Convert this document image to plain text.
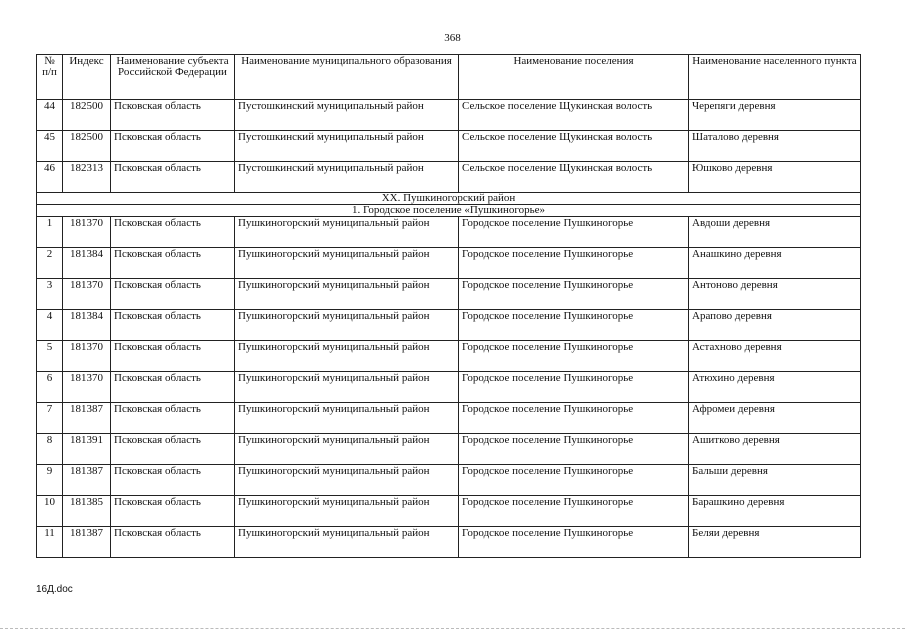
368
№ п/п	Индекс	Наименование субъекта Российской Федерации	Наименование муниципального образования	Наименование поселения	Наименование населенного пункта
44	182500	Псковская область	Пустошкинский муниципальный район	Сельское поселение Щукинская волость	Черепяги деревня
45	182500	Псковская область	Пустошкинский муниципальный район	Сельское поселение Щукинская волость	Шаталово деревня
46	182313	Псковская область	Пустошкинский муниципальный район	Сельское поселение Щукинская волость	Юшково деревня
XX. Пушкиногорский район					
1. Городское поселение «Пушкиногорье»					
1	181370	Псковская область	Пушкиногорский муниципальный район	Городское поселение Пушкиногорье	Авдоши деревня
2	181384	Псковская область	Пушкиногорский муниципальный район	Городское поселение Пушкиногорье	Анашкино деревня
3	181370	Псковская область	Пушкиногорский муниципальный район	Городское поселение Пушкиногорье	Антоново деревня
4	181384	Псковская область	Пушкиногорский муниципальный район	Городское поселение Пушкиногорье	Арапово деревня
5	181370	Псковская область	Пушкиногорский муниципальный район	Городское поселение Пушкиногорье	Астахново деревня
6	181370	Псковская область	Пушкиногорский муниципальный район	Городское поселение Пушкиногорье	Атюхино деревня
7	181387	Псковская область	Пушкиногорский муниципальный район	Городское поселение Пушкиногорье	Афромеи деревня
8	181391	Псковская область	Пушкиногорский муниципальный район	Городское поселение Пушкиногорье	Ашитково деревня
9	181387	Псковская область	Пушкиногорский муниципальный район	Городское поселение Пушкиногорье	Бальши деревня
10	181385	Псковская область	Пушкиногорский муниципальный район	Городское поселение Пушкиногорье	Барашкино деревня
11	181387	Псковская область	Пушкиногорский муниципальный район	Городское поселение Пушкиногорье	Беляи деревня
16Д.doc
